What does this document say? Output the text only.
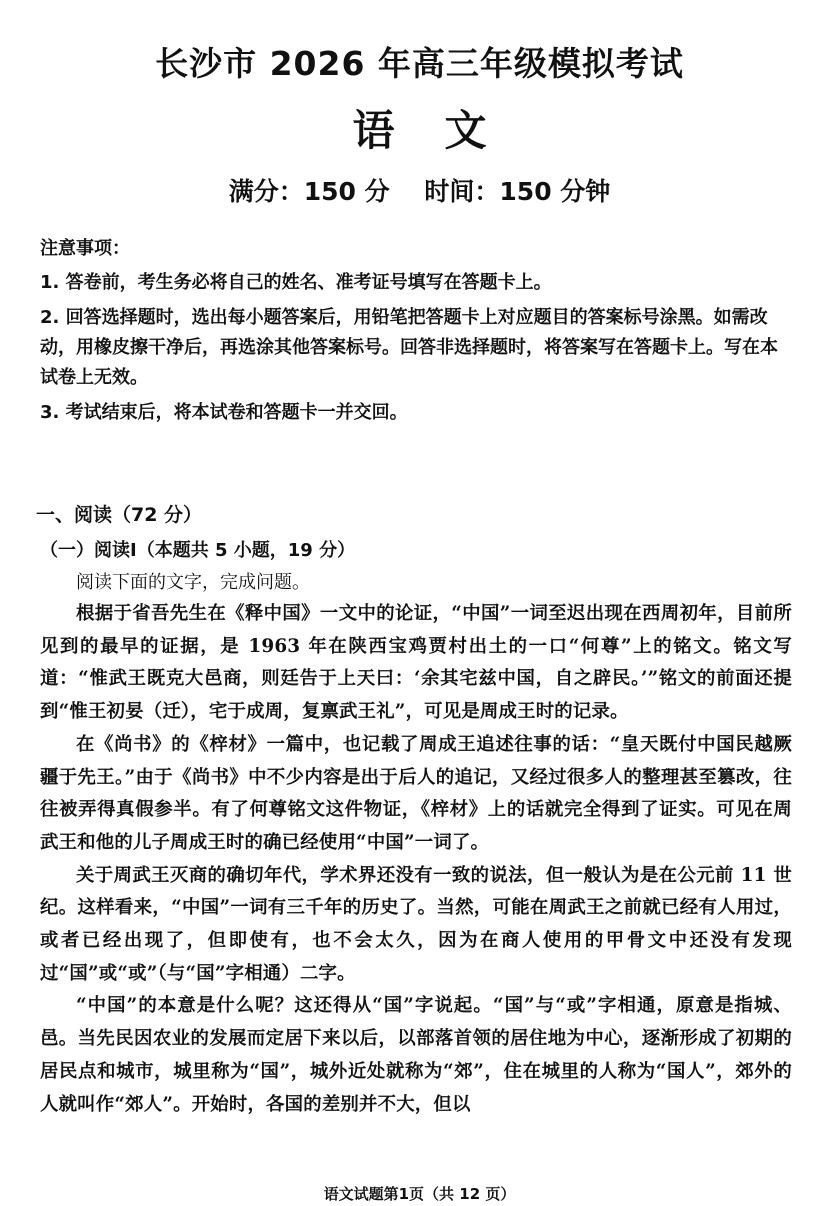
长沙市 2026 年高三年级模拟考试
语文

满分：150 分    时间：150 分钟

注意事项：

1. 答卷前，考生务必将自己的姓名、准考证号填写在答题卡上。

2. 回答选择题时，选出每小题答案后，用铅笔把答题卡上对应题目的答案标号涂黑。如需改动，用橡皮擦干净后，再选涂其他答案标号。回答非选择题时，将答案写在答题卡上。写在本试卷上无效。

3. 考试结束后，将本试卷和答题卡一并交回。

一、阅读（72 分）

（一）阅读Ⅰ（本题共 5 小题，19 分）

阅读下面的文字，完成问题。

根据于省吾先生在《释中国》一文中的论证，“中国”一词至迟出现在西周初年，目前所见到的最早的证据，是 1963 年在陕西宝鸡贾村出土的一口“何尊”上的铭文。铭文写道：“惟武王既克大邑商，则廷告于上天曰：‘余其宅兹中国，自之辟民。’”铭文的前面还提到“惟王初妟（迁），宅于成周，复禀武王礼”，可见是周成王时的记录。

在《尚书》的《梓材》一篇中，也记载了周成王追述往事的话：“皇天既付中国民越厥疆于先王。”由于《尚书》中不少内容是出于后人的追记，又经过很多人的整理甚至篡改，往往被弄得真假参半。有了何尊铭文这件物证，《梓材》上的话就完全得到了证实。可见在周武王和他的儿子周成王时的确已经使用“中国”一词了。

关于周武王灭商的确切年代，学术界还没有一致的说法，但一般认为是在公元前 11 世纪。这样看来，“中国”一词有三千年的历史了。当然，可能在周武王之前就已经有人用过，或者已经出现了，但即使有，也不会太久，因为在商人使用的甲骨文中还没有发现过“国”或“或”（与“国”字相通）二字。

“中国”的本意是什么呢？这还得从“国”字说起。“国”与“或”字相通，原意是指城、邑。当先民因农业的发展而定居下来以后，以部落首领的居住地为中心，逐渐形成了初期的居民点和城市，城里称为“国”，城外近处就称为“郊”，住在城里的人称为“国人”，郊外的人就叫作“郊人”。开始时，各国的差别并不大，但以

语文试题第1页（共 12 页）
